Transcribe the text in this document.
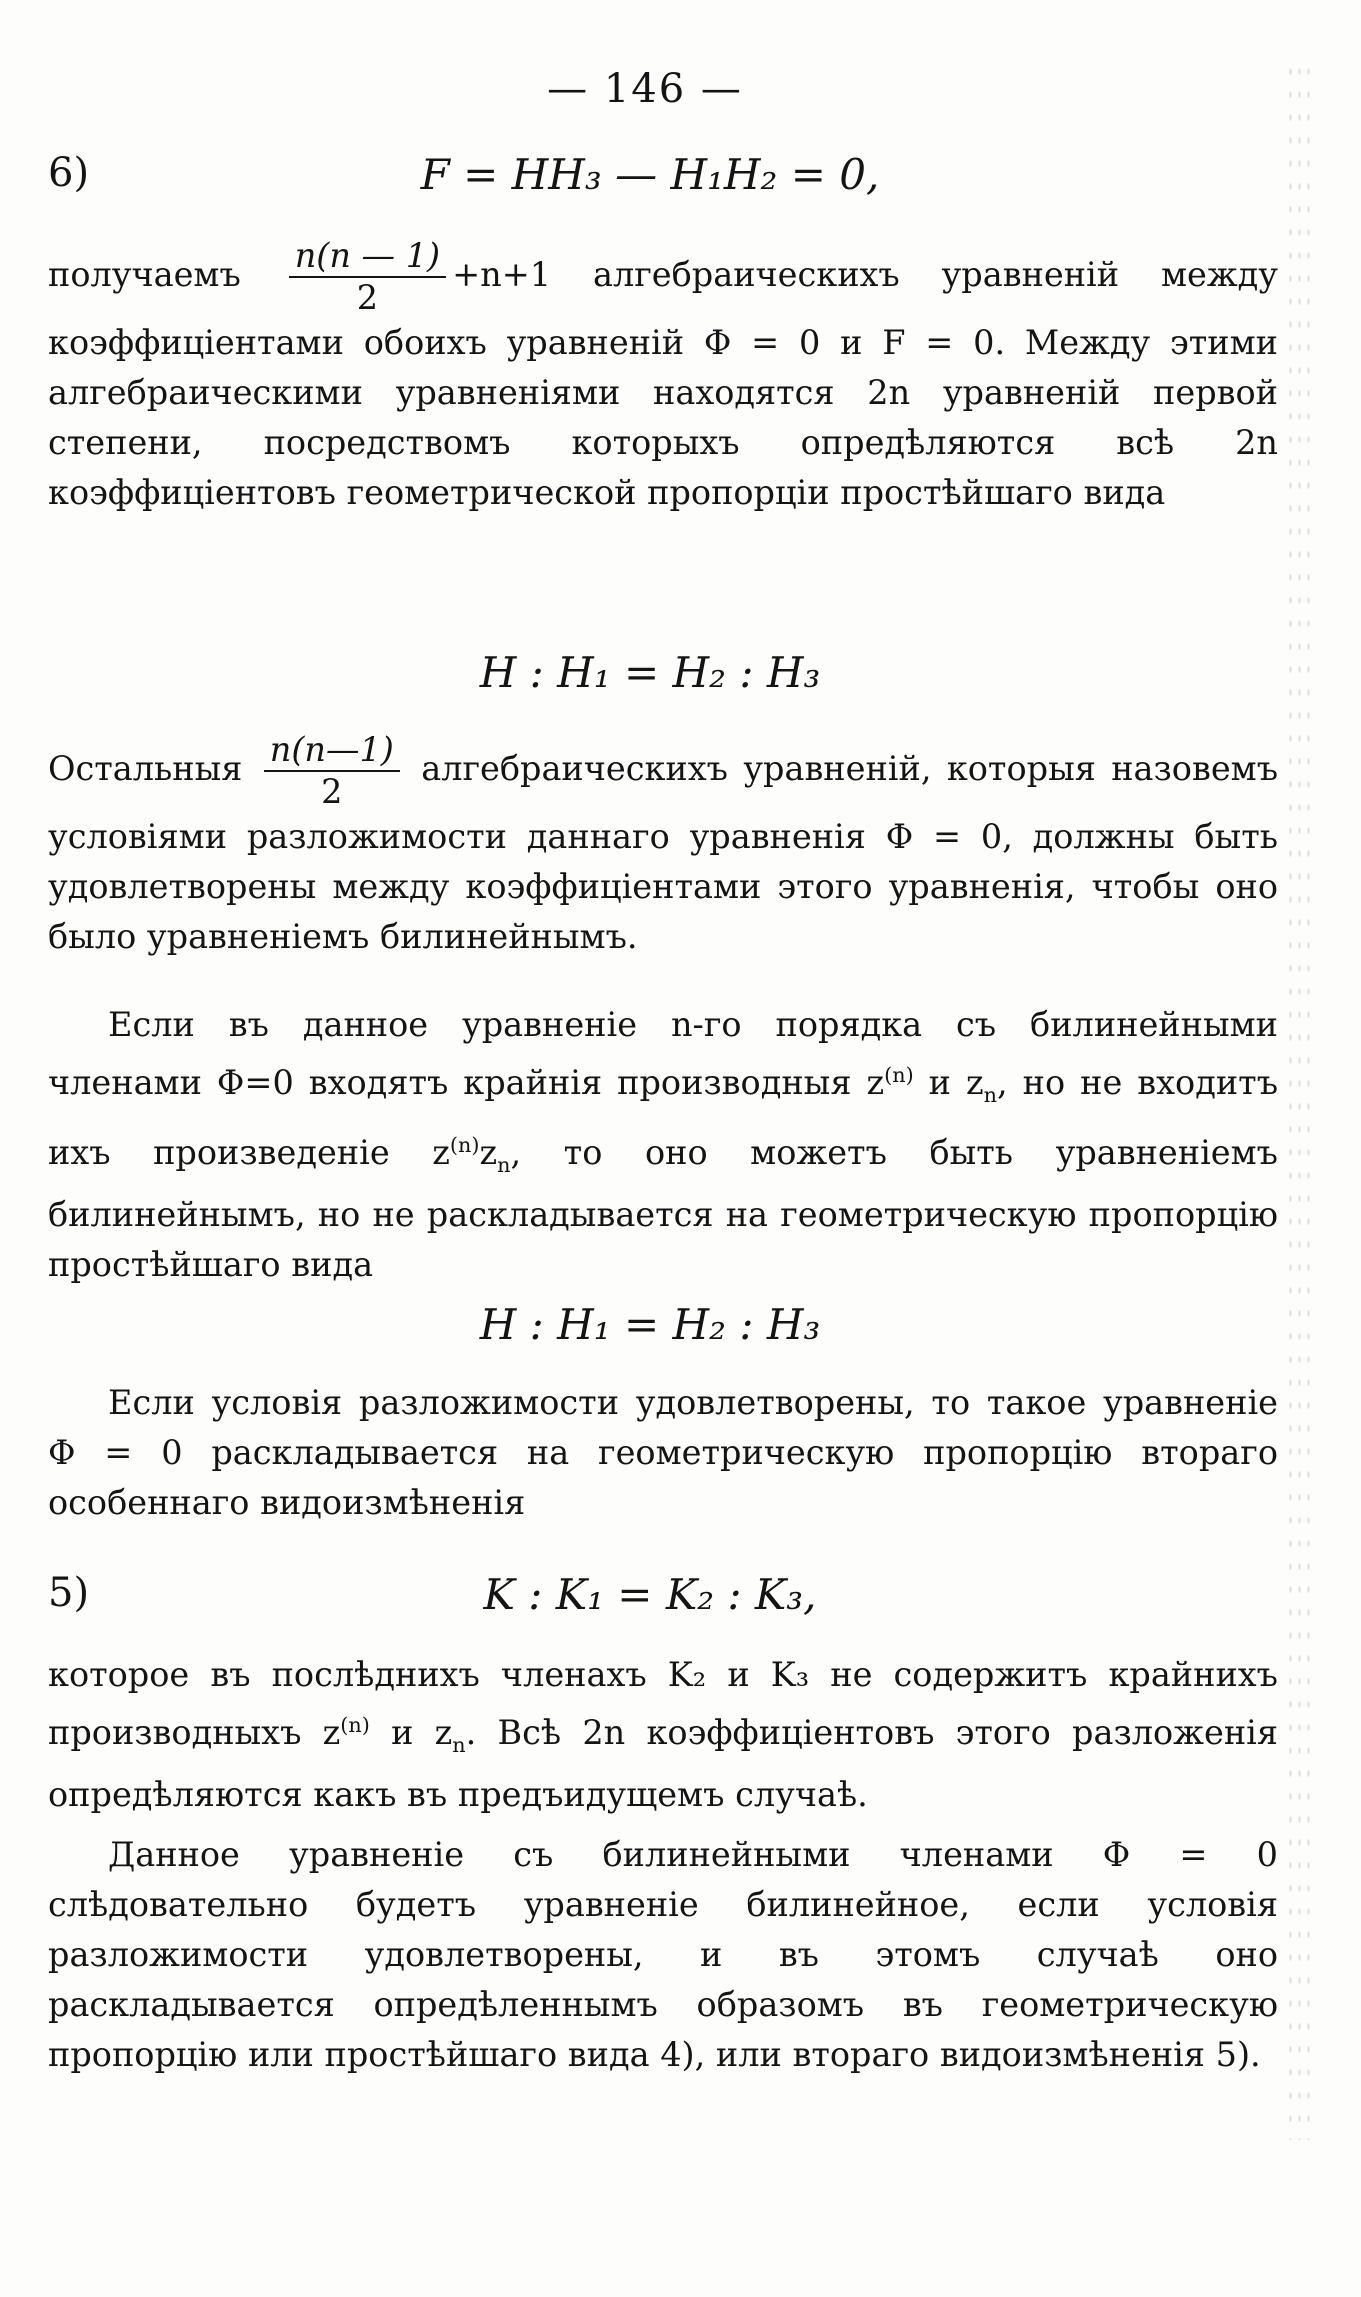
— 146 —
6)	F = HH₃ — H₁H₂ = 0,
получаемъ $\frac{n(n — 1)}{2} +n+1$ алгебраическихъ уравненій между коэффиціентами обоихъ уравненій Φ = 0 и F = 0. Между этими алгебраическими уравненіями находятся 2n уравненій первой степени, посредствомъ которыхъ опредѣляются всѣ 2n коэффиціентовъ геометрической пропорціи простѣйшаго вида
H : H₁ = H₂ : H₃
Остальныя $\frac{n(n—1)}{2}$ алгебраическихъ уравненій, которыя назовемъ условіями разложимости даннаго уравненія Φ = 0, должны быть удовлетворены между коэффиціентами этого уравненія, чтобы оно было уравненіемъ билинейнымъ.
Если въ данное уравненіе n-го порядка съ билинейными членами Φ=0 входятъ крайнія производныя $z^{(n)}$ и $z_n$, но не входитъ ихъ произведеніе $z^{(n)}z_n$, то оно можетъ быть уравненіемъ билинейнымъ, но не раскладывается на геометрическую пропорцію простѣйшаго вида
H : H₁ = H₂ : H₃
Если условія разложимости удовлетворены, то такое уравненіе Φ = 0 раскладывается на геометрическую пропорцію втораго особеннаго видоизмѣненія
5)	K : K₁ = K₂ : K₃,
которое въ послѣднихъ членахъ K₂ и K₃ не содержитъ крайнихъ производныхъ $z^{(n)}$ и $z_n$. Всѣ 2n коэффиціентовъ этого разложенія опредѣляются какъ въ предъидущемъ случаѣ.
Данное уравненіе съ билинейными членами Φ = 0 слѣдовательно будетъ уравненіе билинейное, если условія разложимости удовлетворены, и въ этомъ случаѣ оно раскладывается опредѣленнымъ образомъ въ геометрическую пропорцію или простѣйшаго вида 4), или втораго видоизмѣненія 5).
